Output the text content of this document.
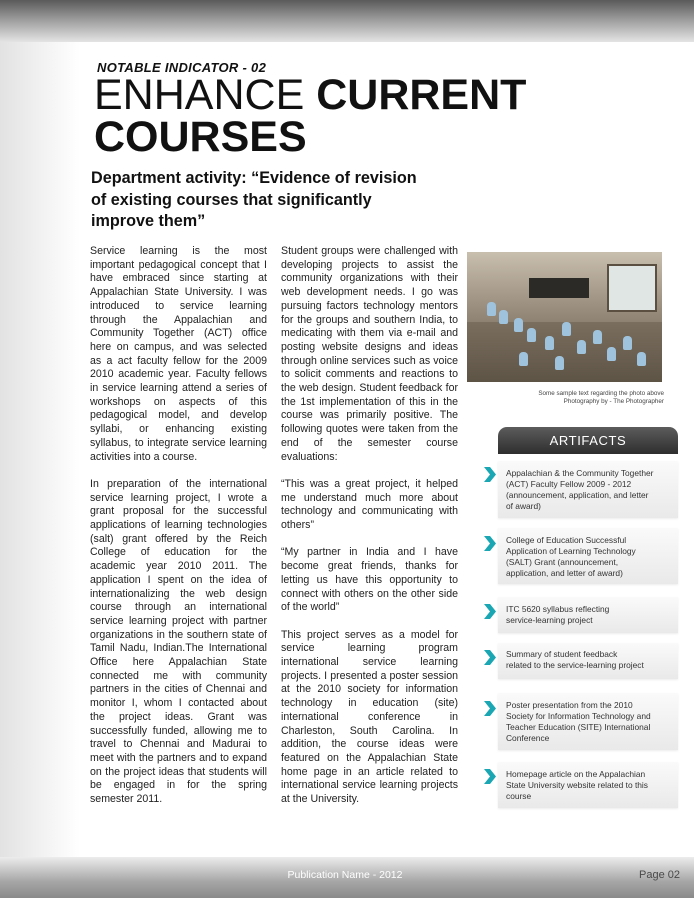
NOTABLE INDICATOR - 02
ENHANCE CURRENT
COURSES
Department activity: “Evidence of revision
of existing courses that significantly
improve them”

Service learning is the most important pedagogical concept that I have embraced since starting at Appalachian State University. I was introduced to service learning through the Appalachian and Community Together (ACT) office here on campus, and was selected as a act faculty fellow for the 2009 2010 academic year. Faculty fellows in service learning attend a series of workshops on aspects of this pedagogical model, and develop syllabi, or enhancing existing syllabus, to integrate service learning activities into a course.

In preparation of the international service learning project, I wrote a grant proposal for the successful applications of learning technologies (salt) grant offered by the Reich College of education for the academic year 2010 2011. The application I spent on the idea of internationalizing the web design course through an international service learning project with partner organizations in the southern state of Tamil Nadu, Indian.The International Office here Appalachian State connected me with community partners in the cities of Chennai and monitor I, whom I contacted about the project ideas. Grant was successfully funded, allowing me to travel to Chennai and Madurai to meet with the partners and to expand on the project ideas that students will be engaged in for the spring semester 2011.

Student groups were challenged with developing projects to assist the community organizations with their web development needs. I go was pursuing factors technology mentors for the groups and southern India, to medicating with them via e-mail and posting website designs and ideas through online services such as voice to solicit comments and reactions to the web design. Student feedback for the 1st implementation of this in the course was primarily positive. The following quotes were taken from the end of the semester course evaluations:

“This was a great project, it helped me understand much more about technology and communicating with others”

“My partner in India and I have become great friends, thanks for letting us have this opportunity to connect with others on the other side of the world”

This project serves as a model for service learning program international service learning projects. I presented a poster session at the 2010 society for information technology in education (site) international conference in Charleston, South Carolina. In addition, the course ideas were featured on the Appalachian State home page in an article related to international service learning projects at the University.

Some sample text regarding the photo above
Photography by - The Photographer
ARTIFACTS
Appalachian & the Community Together
(ACT) Faculty Fellow 2009 - 2012
(announcement, application, and letter
of award)
College of Education Successful
Application of Learning Technology
(SALT) Grant (announcement,
application, and letter of award)
ITC 5620 syllabus reflecting
service-learning project
Summary of student feedback
related to the service-learning project
Poster presentation from the 2010
Society for Information Technology and
Teacher Education (SITE) International
Conference
Homepage article on the Appalachian
State University website related to this
course
Publication Name - 2012	Page 02
